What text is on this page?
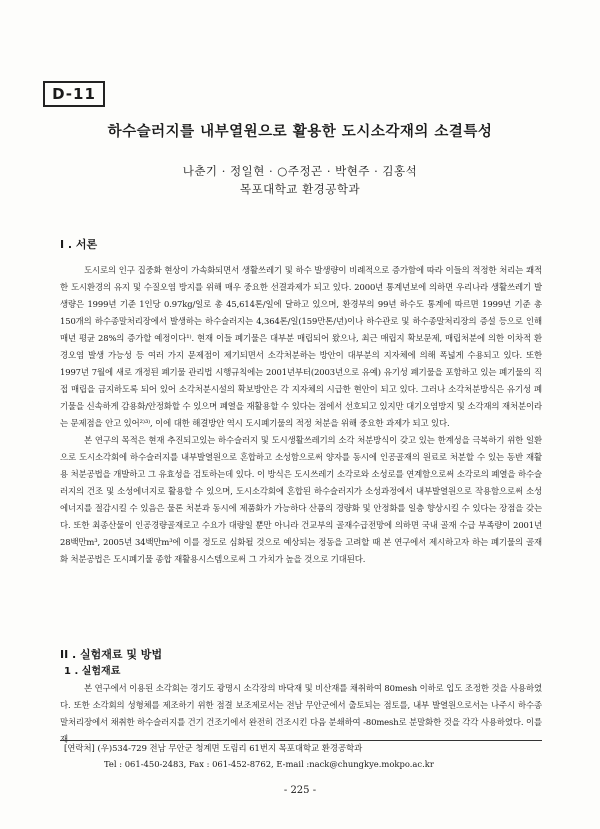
D-11
하수슬러지를 내부열원으로 활용한 도시소각재의 소결특성
나춘기 · 정일현 · ○주정곤 · 박현주 · 김홍석
목포대학교 환경공학과
I . 서론

도시로의 인구 집중화 현상이 가속화되면서 생활쓰레기 및 하수 발생량이 비례적으로 증가함에 따라 이들의 적정한 처리는 쾌적한 도시환경의 유지 및 수질오염 방지를 위해 매우 중요한 선결과제가 되고 있다. 2000년 통계년보에 의하면 우리나라 생활쓰레기 발생량은 1999년 기준 1인당 0.97kg/일로 총 45,614톤/일에 달하고 있으며, 환경부의 99년 하수도 통계에 따르면 1999년 기준 총 150개의 하수종말처리장에서 발생하는 하수슬러지는 4,364톤/일(159만톤/년)이나 하수관로 및 하수종말처리장의 증설 등으로 인해 매년 평균 28%의 증가할 예정이다¹⁾. 현재 이들 폐기물은 대부분 매립되어 왔으나, 최근 매립지 확보문제, 매립처분에 의한 이차적 환경오염 발생 가능성 등 여러 가지 문제점이 제기되면서 소각처분하는 방안이 대부분의 지자체에 의해 폭넓게 수용되고 있다. 또한 1997년 7월에 새로 개정된 폐기물 관리법 시행규칙에는 2001년부터(2003년으로 유예) 유기성 폐기물을 포함하고 있는 폐기물의 직접 매립을 금지하도록 되어 있어 소각처분시설의 확보방안은 각 지자체의 시급한 현안이 되고 있다. 그러나 소각처분방식은 유기성 폐기물을 신속하게 감용화/안정화할 수 있으며 폐열을 재활용할 수 있다는 점에서 선호되고 있지만 대기오염방지 및 소각재의 재처분이라는 문제점을 안고 있어²⁾³⁾, 이에 대한 해결방안 역시 도시폐기물의 적정 처분을 위해 중요한 과제가 되고 있다.

본 연구의 목적은 현재 추진되고있는 하수슬러지 및 도시생활쓰레기의 소각 처분방식이 갖고 있는 한계성을 극복하기 위한 일환으로 도시소각회에 하수슬러지를 내부발열원으로 혼합하고 소성함으로써 양자를 동시에 인공골재의 원료로 처분할 수 있는 동반 재활용 처분공법을 개발하고 그 유효성을 검토하는데 있다. 이 방식은 도시쓰레기 소각로와 소성로를 연계함으로써 소각로의 폐열을 하수슬러지의 건조 및 소성에너지로 활용할 수 있으며, 도시소각회에 혼합된 하수슬러지가 소성과정에서 내부발열원으로 작용함으로써 소성에너지를 절감시킬 수 있음은 물론 처분과 동시에 제품화가 가능하다 산품의 경량화 및 안정화를 일층 향상시킬 수 있다는 장점을 갖는다. 또한 최종산물이 인공경량골재로고 수요가 대량일 뿐만 아니라 건교부의 골재수급전망에 의하면 국내 골재 수급 부족량이 2001년 28백만m³, 2005년 34백만m³에 이를 정도로 심화될 것으로 예상되는 정동을 고려할 때 본 연구에서 제시하고자 하는 폐기물의 골재화 처분공법은 도시폐기물 종합 재활용시스템으로써 그 가치가 높을 것으로 기대된다.

II . 실험재료 및 방법
1 . 실험재료

본 연구에서 이용된 소각회는 경기도 광명시 소각장의 바닥재 및 비산재를 채취하여 80mesh 이하로 입도 조정한 것을 사용하였다. 또한 소각회의 성형체를 제조하기 위한 점결 보조제로서는 전남 무안군에서 출토되는 점토를, 내부 발열원으로서는 나주시 하수종말처리장에서 채취한 하수슬러지를 건기 건조기에서 완전히 건조시킨 다음 분쇄하여 -80mesh로 분말화한 것을 각각 사용하였다. 이를 재

[연락처] (우)534-729 전남 무안군 청계면 도림리 61번지 목포대학교 환경공학과
Tel : 061-450-2483, Fax : 061-452-8762, E-mail :nack@chungkye.mokpo.ac.kr
- 225 -
